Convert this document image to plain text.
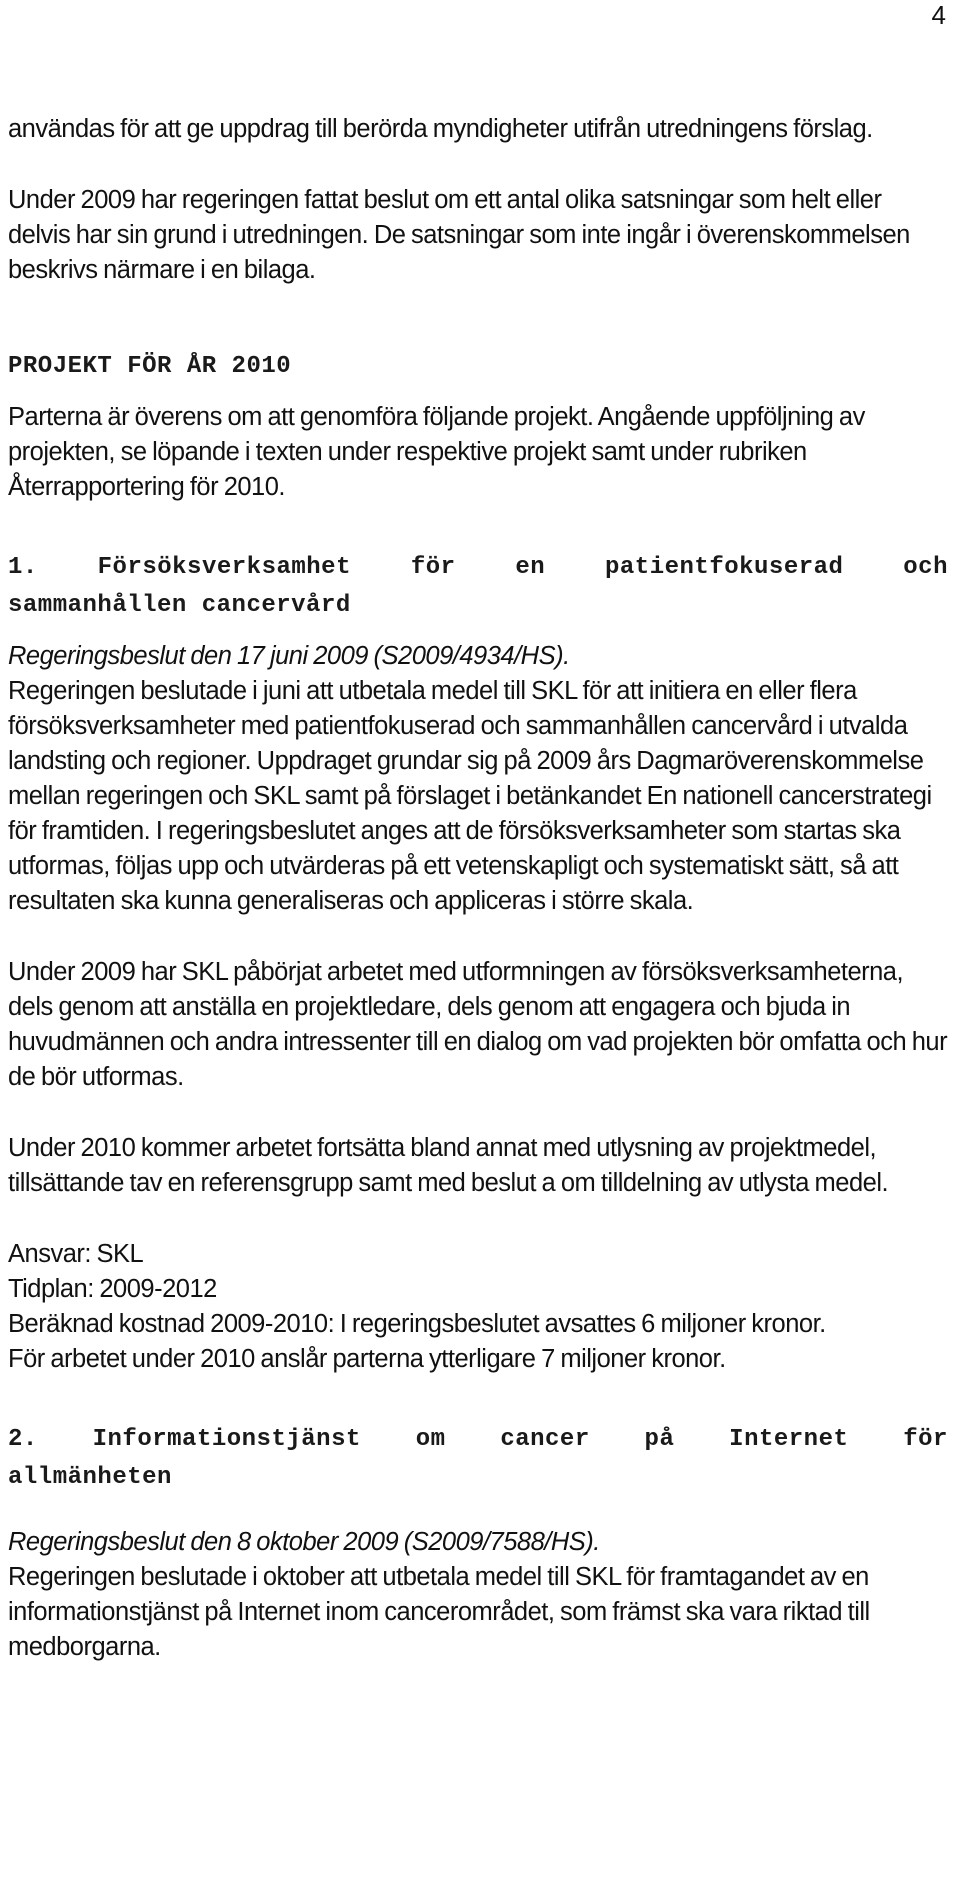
4

användas för att ge uppdrag till berörda myndigheter utifrån utredningens förslag.

Under 2009 har regeringen fattat beslut om ett antal olika satsningar som helt eller delvis har sin grund i utredningen. De satsningar som inte ingår i överenskommelsen beskrivs närmare i en bilaga.

PROJEKT FÖR ÅR 2010

Parterna är överens om att genomföra följande projekt. Angående uppföljning av projekten, se löpande i texten under respektive projekt samt under rubriken Återrapportering för 2010.

1. Försöksverksamhet för en patientfokuserad och
sammanhållen cancervård

Regeringsbeslut den 17 juni 2009 (S2009/4934/HS).

Regeringen beslutade i juni att utbetala medel till SKL för att initiera en eller flera försöksverksamheter med patientfokuserad och sammanhållen cancervård i utvalda landsting och regioner. Uppdraget grundar sig på 2009 års Dagmaröverenskommelse mellan regeringen och SKL samt på förslaget i betänkandet En nationell cancerstrategi för framtiden. I regeringsbeslutet anges att de försöksverksamheter som startas ska utformas, följas upp och utvärderas på ett vetenskapligt och systematiskt sätt, så att resultaten ska kunna generaliseras och appliceras i större skala.

Under 2009 har SKL påbörjat arbetet med utformningen av försöksverksamheterna, dels genom att anställa en projektledare, dels genom att engagera och bjuda in huvudmännen och andra intressenter till en dialog om vad projekten bör omfatta och hur de bör utformas.

Under 2010 kommer arbetet fortsätta bland annat med utlysning av projektmedel, tillsättande tav en referensgrupp samt med beslut a om tilldelning av utlysta medel.

Ansvar: SKL

Tidplan: 2009-2012

Beräknad kostnad 2009-2010: I regeringsbeslutet avsattes 6 miljoner kronor.

För arbetet under 2010 anslår parterna ytterligare 7 miljoner kronor.

2. Informationstjänst om cancer på Internet för
allmänheten

Regeringsbeslut den 8 oktober 2009 (S2009/7588/HS).

Regeringen beslutade i oktober att utbetala medel till SKL för framtagandet av en informationstjänst på Internet inom cancerområdet, som främst ska vara riktad till medborgarna.
